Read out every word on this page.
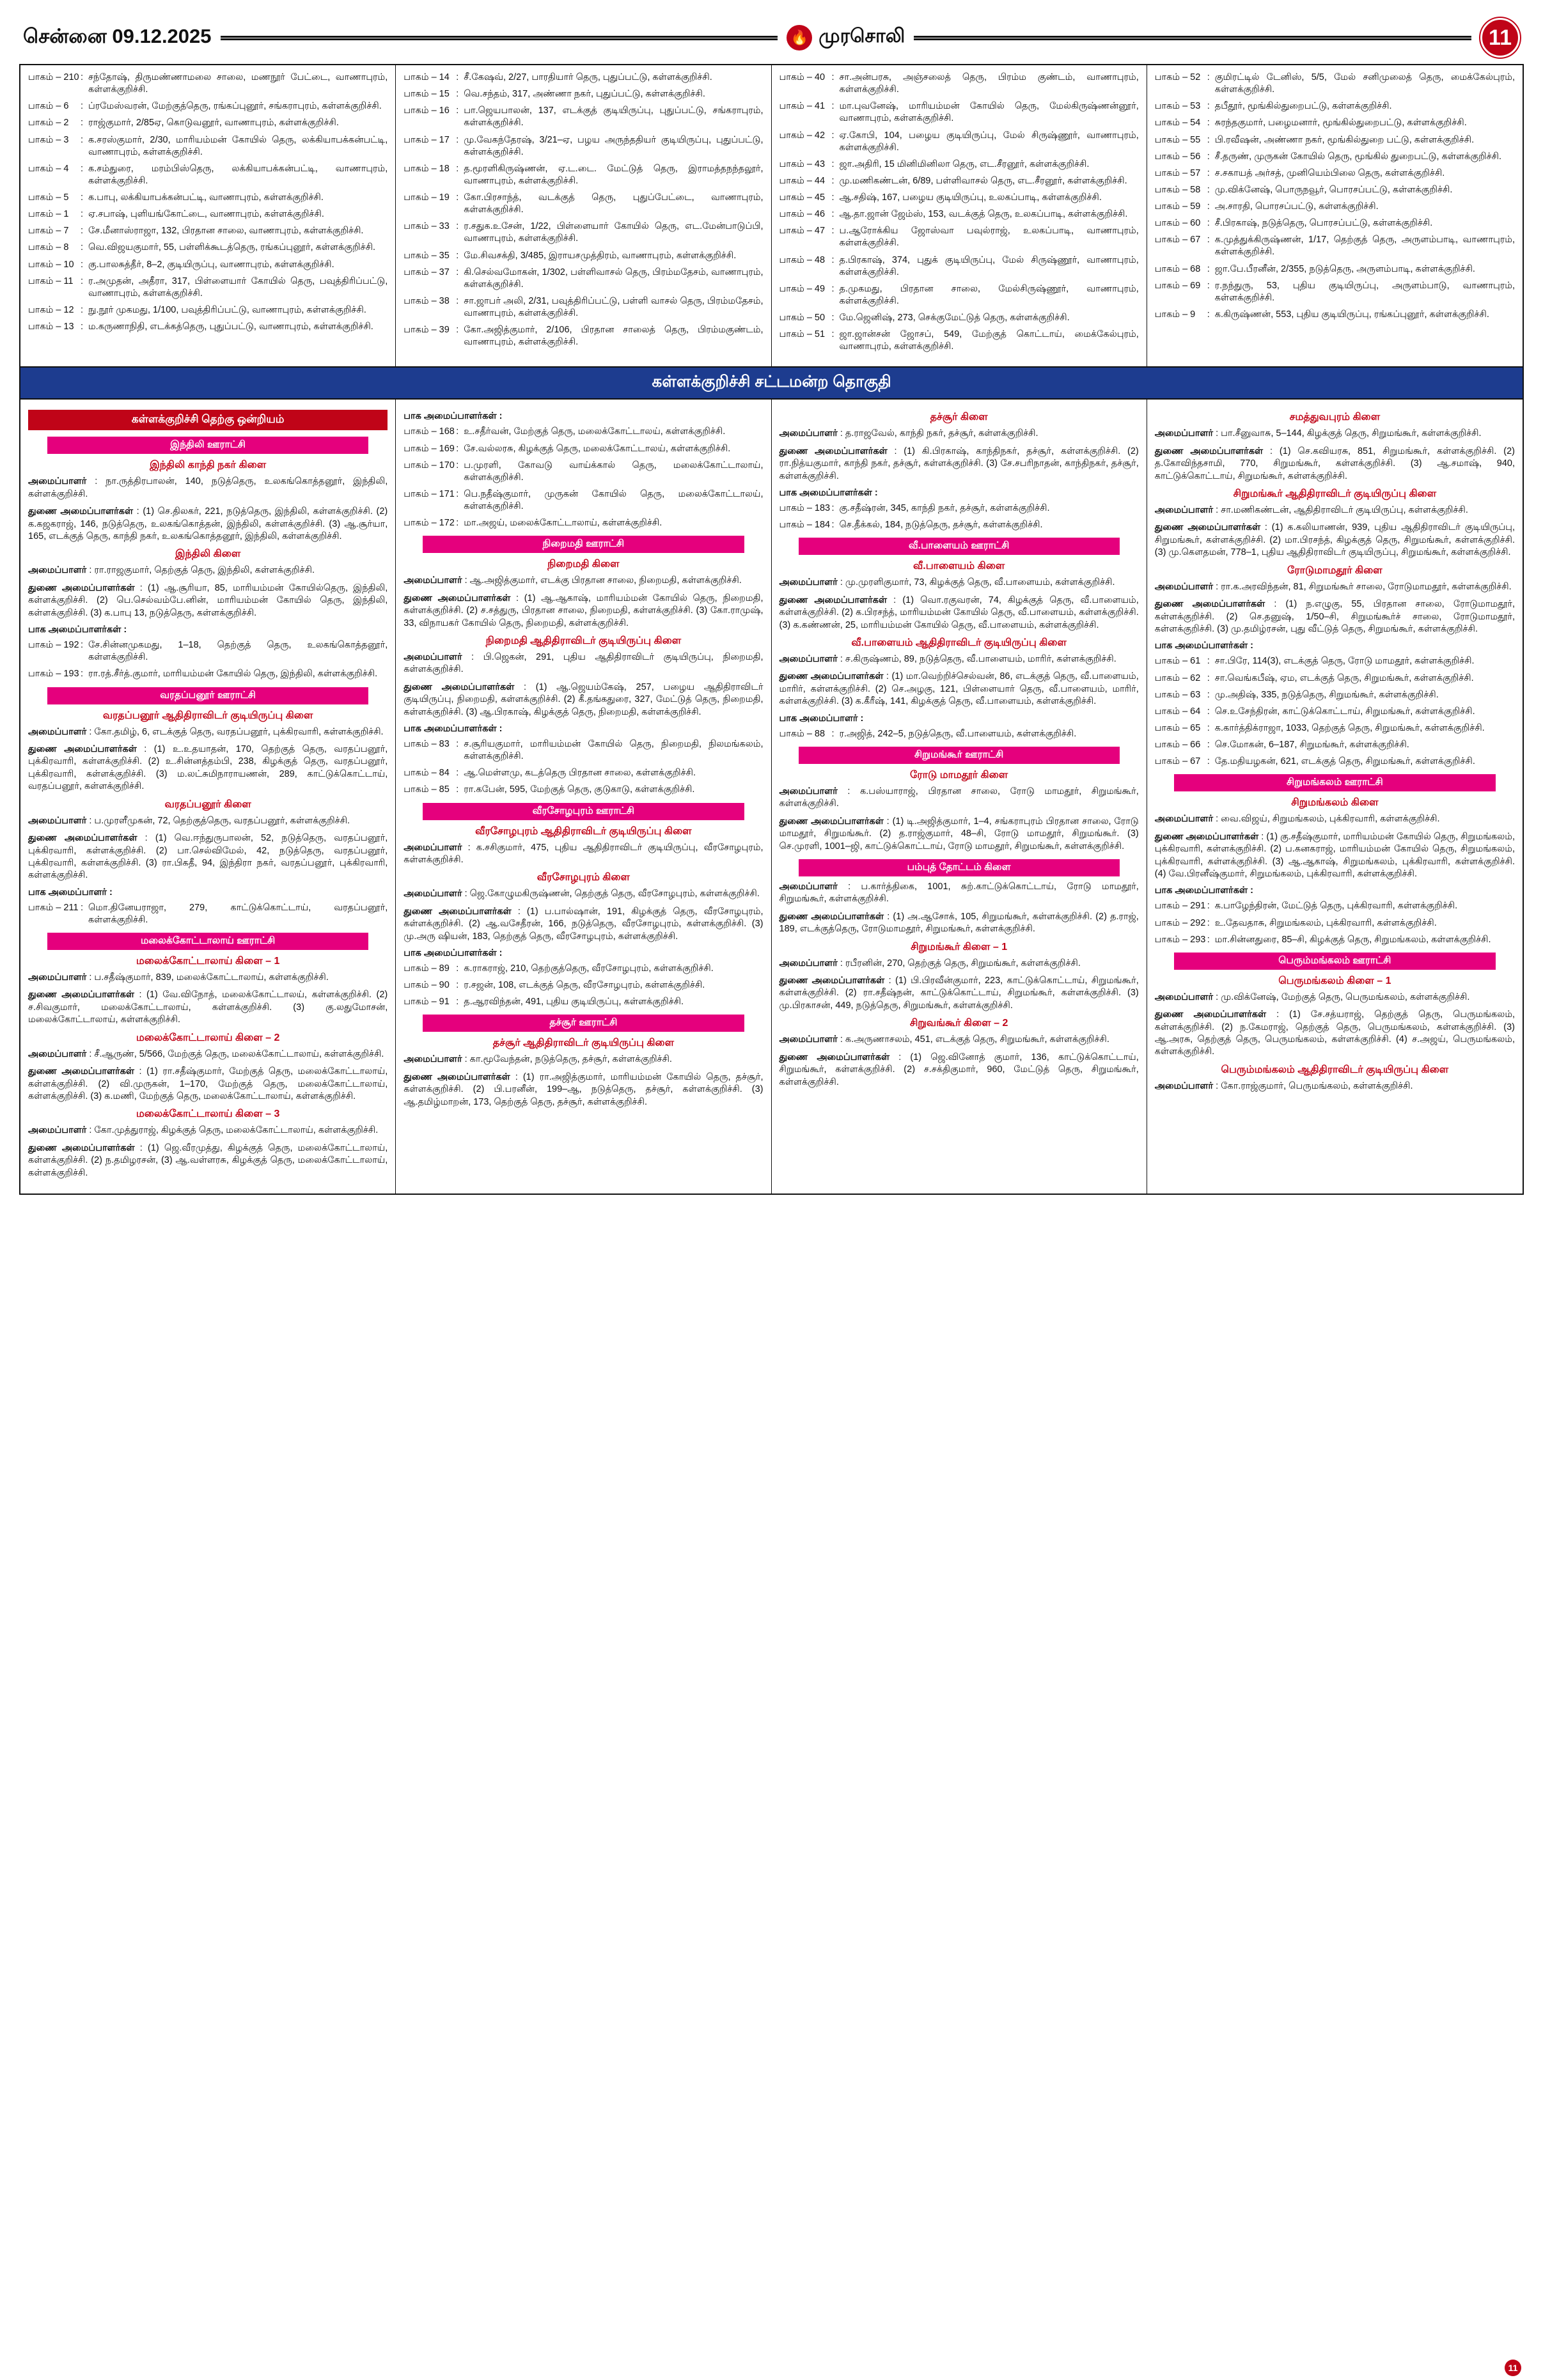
சென்னை 09.12.2025	🔥 முரசொலி	11
பாகம் – 210 : சந்தோஷ், திருமண்ணாமலை சாலை, மணநூர் பேட்டை, வாணாபுரம், கள்ளக்குறிச்சி.
பாகம் – 6	: ப்ரமேஸ்வரன், மேற்குத்தெரு, ரங்கப்புனூர், சங்கராபுரம், கள்ளக்குறிச்சி.
பாகம் – 2	: ராஜ்குமார், 2/85ஏ, கொடுவனூர், வாணாபுரம், கள்ளக்குறிச்சி.
பாகம் – 3	: க.சரஸ்குமார், 2/30, மாரியம்மன் கோயில் தெரு, லக்கியாபக்கன்பட்டி, வாணாபுரம், கள்ளக்குறிச்சி.
பாகம் – 4	: க.சம்துரை, மரம்பிஸ்தெரு, லக்கியாபக்கன்பட்டி, வாணாபுரம், கள்ளக்குறிச்சி.
பாகம் – 5	: க.பாபு, லக்கியாபக்கன்பட்டி, வாணாபுரம், கள்ளக்குறிச்சி.
பாகம் – 1	: ஏ.சபாஷ், புளியங்கோட்டை, வாணாபுரம், கள்ளக்குறிச்சி.
பாகம் – 7	: சே.மீனாஸ்ராஜா, 132, பிரதான சாலை, வாணாபுரம், கள்ளக்குறிச்சி.
பாகம் – 8	: வெ.விஜயகுமார், 55, பள்ளிக்கூடத்தெரு, ரங்கப்புனூர், கள்ளக்குறிச்சி.
பாகம் – 10 : கு.பாலசுத்தீர், 8–2, குடியிருப்பு, வாணாபுரம், கள்ளக்குறிச்சி.
பாகம் – 11 : ர.அமுதன், அதீரா, 317, பிள்ளையார் கோயில் தெரு, பவுத்திரிப்பட்டு, வாணாபுரம், கள்ளக்குறிச்சி.
பாகம் – 12 : நு.நூர் முகமது, 1/100, பவுத்திரிப்பட்டு, வாணாபுரம், கள்ளக்குறிச்சி.
பாகம் – 13 : ம.கருணாநிதி, எடக்கத்தெரு, புதுப்பட்டு, வாணாபுரம், கள்ளக்குறிச்சி.
பாகம் – 14 : சீ.கேஷவ், 2/27, பாரதியார் தெரு, புதுப்பட்டு, கள்ளக்குறிச்சி.
பாகம் – 15 : வெ.சந்தம், 317, அண்ணா நகர், புதுப்பட்டு, கள்ளக்குறிச்சி.
பாகம் – 16 : பா.ஜெயபாலன், 137, எடக்குத் குடியிருப்பு, புதுப்பட்டு, சங்கராபுரம், கள்ளக்குறிச்சி.
பாகம் – 17 : மு.வேகந்தேரஷ், 3/21–ஏ, பழய அருந்ததியர் குடியிருப்பு, புதுப்பட்டு, கள்ளக்குறிச்சி.
பாகம் – 18 : த.மூரளிகிருஷ்ணன், ஏ.ட.டை. மேட்டுத் தெரு, இராமத்தநந்தலூர், வாணாபுரம், கள்ளக்குறிச்சி.
பாகம் – 19 : கோ.பிரசாந்த், வடக்குத் தெரு, புதுப்பேட்டை, வாணாபுரம், கள்ளக்குறிச்சி.
பாகம் – 33 : ர.சதுக.உசேன், 1/22, பிள்ளையார் கோயில் தெரு, எட.மேன்பாடுப்பி, வாணாபுரம், கள்ளக்குறிச்சி.
பாகம் – 35 : மே.சிவசக்தி, 3/485, இராயசமுத்திரம், வாணாபுரம், கள்ளக்குறிச்சி.
பாகம் – 37 : கி.செல்வமோகன், 1/302, பள்ளிவாசல் தெரு, பிரம்மதேசம், வாணாபுரம், கள்ளக்குறிச்சி.
பாகம் – 38 : சா.ஜாபர் அலி, 2/31, பவுத்திரிப்பட்டு, பள்ளி வாசல் தெரு, பிரம்மதேசம், வாணாபுரம், கள்ளக்குறிச்சி.
பாகம் – 39 : கோ.அஜித்குமார், 2/106, பிரதான சாலைத் தெரு, பிரம்மகுண்டம், வாணாபுரம், கள்ளக்குறிச்சி.
பாகம் – 40 : சா.அன்பரசு, அஞ்சலைத் தெரு, பிரம்ம குண்டம், வாணாபுரம், கள்ளக்குறிச்சி.
பாகம் – 41 : மா.புவனேஷ், மாரியம்மன் கோயில் தெரு, மேல்கிருஷ்ணன்னூர், வாணாபுரம், கள்ளக்குறிச்சி.
பாகம் – 42 : ஏ.கோபி, 104, பழைய குடியிருப்பு, மேல் சிருஷ்ணூர், வாணாபுரம், கள்ளக்குறிச்சி.
பாகம் – 43 : ஜா.அதிரி, 15 மினிமினிலா தெரு, எட.சீரனூர், கள்ளக்குறிச்சி.
பாகம் – 44 : மு.மணிகண்டன், 6/89, பள்ளிவாசல் தெரு, எட.சீரனூர், கள்ளக்குறிச்சி.
பாகம் – 45 : ஆ.சதிஷ், 167, பழைய குடியிருப்பு, உலகப்பாடி, கள்ளக்குறிச்சி.
பாகம் – 46 : ஆ.தா.ஜான் ஜேம்ஸ், 153, வடக்குத் தெரு, உலகப்பாடி, கள்ளக்குறிச்சி.
பாகம் – 47 : ப.ஆரோக்கிய ஜோஸ்வா பவுல்ராஜ், உலகப்பாடி, வாணாபுரம், கள்ளக்குறிச்சி.
பாகம் – 48 : த.பிரகாஷ், 374, புதுக் குடியிருப்பு, மேல் சிருஷ்ணூர், வாணாபுரம், கள்ளக்குறிச்சி.
பாகம் – 49 : த.முகமது, பிரதான சாலை, மேல்சிருஷ்ணூர், வாணாபுரம், கள்ளக்குறிச்சி.
பாகம் – 50 : மே.ஜெனிஷ், 273, செக்குமேட்டுத் தெரு, கள்ளக்குறிச்சி.
பாகம் – 51 : ஜா.ஜான்சன் ஜோசப், 549, மேற்குத் கொட்டாய், மைக்கேல்புரம், வாணாபுரம், கள்ளக்குறிச்சி.
பாகம் – 52 : குமிரட்டில் டேனிஸ், 5/5, மேல் சனிமுலைத் தெரு, மைக்கேல்புரம், கள்ளக்குறிச்சி.
பாகம் – 53 : தபீதூர், மூங்கில்துறைபட்டு, கள்ளக்குறிச்சி.
பாகம் – 54 : சுரந்தகுமார், பழைமனார், மூங்கில்துறைபட்டு, கள்ளக்குறிச்சி.
பாகம் – 55 : பி.ரவீஷன், அண்ணா நகர், மூங்கில்துறை பட்டு, கள்ளக்குறிச்சி.
பாகம் – 56 : சீ.தருண், முருகன் கோயில் தெரு, மூங்கில் துறைபட்டு, கள்ளக்குறிச்சி.
பாகம் – 57 : ச.சகாயத் அர்சத், முனியெம்பிலை தெரு, கள்ளக்குறிச்சி.
பாகம் – 58 : மு.விக்னேஷ், பொருநவூர், பொரசப்பட்டு, கள்ளக்குறிச்சி.
பாகம் – 59 : அ.சாரதி, பொரசப்பட்டு, கள்ளக்குறிச்சி.
பாகம் – 60 : சீ.பிரகாஷ், நடுத்தெரு, பொரசப்பட்டு, கள்ளக்குறிச்சி.
பாகம் – 67 : க.முத்துக்கிருஷ்ணன், 1/17, தெற்குத் தெரு, அருளம்பாடி, வாணாபுரம், கள்ளக்குறிச்சி.
பாகம் – 68 : ஜா.பே.பீரனீன், 2/355, நடுத்தெரு, அருளம்பாடி, கள்ளக்குறிச்சி.
பாகம் – 69 : ர.நந்துரு, 53, புதிய குடியிருப்பு, அருளம்பாடு, வாணாபுரம், கள்ளக்குறிச்சி.
பாகம் – 9	: க.கிருஷ்ணன், 553, புதிய குடியிருப்பு, ரங்கப்புனூர், கள்ளக்குறிச்சி.
கள்ளக்குறிச்சி சட்டமன்ற தொகுதி
கள்ளக்குறிச்சி தெற்கு ஒன்றியம்
இந்திலி ஊராட்சி
இந்திலி காந்தி நகர் கிளை
அமைப்பாளர் : நா.ருத்திரபாலன், 140, நடுத்தெரு, உலகங்கொத்தனூர், இந்திலி, கள்ளக்குறிச்சி.
துணை அமைப்பாளர்கள் : (1) செ.திலகர், 221, நடுத்தெரு, இந்திலி, கள்ளக்குறிச்சி. (2) க.கஜகராஜ், 146, நடுத்தெரு, உலகங்கொத்தன், இந்திலி, கள்ளக்குறிச்சி. (3) ஆ.சூர்யா, 165, எடக்குத் தெரு, காந்தி நகர், உலகங்கொத்தனூர், இந்திலி, கள்ளக்குறிச்சி.
இந்திலி கிளை
அமைப்பாளர் : ரா.ராஜகுமார், தெற்குத் தெரு, இந்திலி, கள்ளக்குறிச்சி.
துணை அமைப்பாளர்கள் : (1) ஆ.சூரியா, 85, மாரியம்மன் கோயில்தெரு, இந்திலி, கள்ளக்குறிச்சி. (2) பெ.செல்வம்பே.னின், மாரியம்மன் கோயில் தெரு, இந்திலி, கள்ளக்குறிச்சி. (3) க.பாபு 13, நடுத்தெரு, கள்ளக்குறிச்சி.
பாக அமைப்பாளர்கள் :
பாகம் – 192 : சே.சின்னமுகமது, 1–18, தெற்குத் தெரு, உலகங்கொத்தனூர், கள்ளக்குறிச்சி.
பாகம் – 193 : ரா.ரத்.சீர்த்.குமார், மாரியம்மன் கோயில் தெரு, இந்திலி, கள்ளக்குறிச்சி.
வரதப்பனூர் ஊராட்சி
வரதப்பனூர் ஆதிதிராவிடர் குடியிருப்பு கிளை
அமைப்பாளர் : கோ.தமிழ், 6, எடக்குத் தெரு, வரதப்பனூர், புக்கிரவாரி, கள்ளக்குறிச்சி.
துணை அமைப்பாளர்கள் : (1) உ.உதயாதன், 170, தெற்குத் தெரு, வரதப்பனூர், புக்கிரவாரி, கள்ளக்குறிச்சி. (2) உ.சின்னத்தம்பி, 238, கிழக்குத் தெரு, வரதப்பனூர், புக்கிரவாரி, கள்ளக்குறிச்சி. (3) ம.லட்சுமிநாராயணன், 289, காட்டுக்கொட்டாய், வரதப்பனூர், கள்ளக்குறிச்சி.
வரதப்பனூர் கிளை
அமைப்பாளர் : ப.முரளீமுகன், 72, தெற்குத்தெரு, வரதப்பனூர், கள்ளக்குறிச்சி.
துணை அமைப்பாளர்கள் : (1) வெ.ஈந்துருபாலன், 52, நடுத்தெரு, வரதப்பனூர், புக்கிரவாரி, கள்ளக்குறிச்சி. (2) பா.செல்விமேல், 42, நடுத்தெரு, வரதப்பனூர், புக்கிரவாரி, கள்ளக்குறிச்சி. (3) ரா.பிகதீ, 94, இந்திரா நகர், வரதப்பனூர், புக்கிரவாரி, கள்ளக்குறிச்சி.
பாக அமைப்பாளர் :
பாகம் – 211 : மொ.தினேயராஜா, 279, காட்டுக்கொட்டாய், வரதப்பனூர், கள்ளக்குறிச்சி.
மலைக்கோட்டாலாய் ஊராட்சி
மலைக்கோட்டாலாய் கிளை – 1
அமைப்பாளர் : ப.சதீஷ்குமார், 839, மலைக்கோட்டாலாய், கள்ளக்குறிச்சி.
துணை அமைப்பாளர்கள் : (1) வே.விநோத், மலைக்கோட்டாலய், கள்ளக்குறிச்சி. (2) ச.சிவகுமார், மலைக்கோட்டாலாய், கள்ளக்குறிச்சி. (3) கு.லதுமோசன், மலைக்கோட்டாலாய், கள்ளக்குறிச்சி.
மலைக்கோட்டாலாய் கிளை – 2
அமைப்பாளர் : சீ.ஆருண், 5/566, மேற்குத் தெரு, மலைக்கோட்டாலாய், கள்ளக்குறிச்சி.
துணை அமைப்பாளர்கள் : (1) ரா.சதீஷ்குமார், மேற்குத் தெரு, மலைக்கோட்டாலாய், கள்ளக்குறிச்சி. (2) வி.முருகன், 1–170, மேற்குத் தெரு, மலைக்கோட்டாலாய், கள்ளக்குறிச்சி. (3) க.மணி, மேற்குத் தெரு, மலைக்கோட்டாலாய், கள்ளக்குறிச்சி.
மலைக்கோட்டாலாய் கிளை – 3
அமைப்பாளர் : கோ.முத்துராஜ், கிழக்குத் தெரு, மலைக்கோட்டாலாய், கள்ளக்குறிச்சி.
துணை அமைப்பாளர்கள் : (1) ஜெ.வீரமுத்து, கிழக்குத் தெரு, மலைக்கோட்டாலாய், கள்ளக்குறிச்சி. (2) ந.தமிழரசன், (3) ஆ.வள்ளரசு, கிழக்குத் தெரு, மலைக்கோட்டாலாய், கள்ளக்குறிச்சி.
பாக அமைப்பாளர்கள் :
பாகம் – 168 : உ.சதீர்வன், மேற்குத் தெரு, மலைக்கோட்டாலய், கள்ளக்குறிச்சி.
பாகம் – 169 : சே.வல்லரசு, கிழக்குத் தெரு, மலைக்கோட்டாலய், கள்ளக்குறிச்சி.
பாகம் – 170 : ப.முரளி, கோவடு வாய்க்கால் தெரு, மலைக்கோட்டாலாய், கள்ளக்குறிச்சி.
பாகம் – 171 : பெ.நதீஷ்குமார், முருகன் கோயில் தெரு, மலைக்கோட்டாலய், கள்ளக்குறிச்சி.
பாகம் – 172 : மா.அஜய், மலைக்கோட்டாலாய், கள்ளக்குறிச்சி.
நிறைமதி ஊராட்சி
நிறைமதி கிளை
அமைப்பாளர் : ஆ.அஜித்குமார், எடக்கு பிரதான சாலை, நிறைமதி, கள்ளக்குறிச்சி.
துணை அமைப்பாளர்கள் : (1) ஆ.ஆகாஷ், மாரியம்மன் கோயில் தெரு, நிறைமதி, கள்ளக்குறிச்சி. (2) ச.சத்துரு, பிரதான சாலை, நிறைமதி, கள்ளக்குறிச்சி. (3) கோ.ராமுஷ், 33, விநாயகர் கோயில் தெரு, நிறைமதி, கள்ளக்குறிச்சி.
நிறைமதி ஆதிதிராவிடர் குடியிருப்பு கிளை
அமைப்பாளர் : பி.ஜெகன், 291, புதிய ஆதிதிராவிடர் குடியிருப்பு, நிறைமதி, கள்ளக்குறிச்சி.
துணை அமைப்பாளர்கள் : (1) ஆ.ஜெயம்கேஷ், 257, பழைய ஆதிதிராவிடர் குடியிருப்பு, நிறைமதி, கள்ளக்குறிச்சி. (2) கீ.தங்கதுரை, 327, மேட்டுத் தெரு, நிறைமதி, கள்ளக்குறிச்சி. (3) ஆ.பிரகாஷ், கிழக்குத் தெரு, நிறைமதி, கள்ளக்குறிச்சி.
பாக அமைப்பாளர்கள் :
பாகம் – 83 : ச.சூரியகுமார், மாரியம்மன் கோயில் தெரு, நிறைமதி, நிலமங்கலம், கள்ளக்குறிச்சி.
பாகம் – 84 : ஆ.மெள்ளமு, கடத்தெரு பிரதான சாலை, கள்ளக்குறிச்சி.
பாகம் – 85 : ரா.கபேன், 595, மேற்குத் தெரு, குடுகாடு, கள்ளக்குறிச்சி.
வீரசோழபுரம் ஊராட்சி
வீரசோழபுரம் ஆதிதிராவிடர் குடியிருப்பு கிளை
அமைப்பாளர் : க.சசிகுமார், 475, புதிய ஆதிதிராவிடர் குடியிருப்பு, வீரசோழபுரம், கள்ளக்குறிச்சி.
வீரசோழபுரம் கிளை
அமைப்பாளர் : ஜெ.கோழுமகிருஷ்ணன், தெற்குத் தெரு, வீரசோழபுரம், கள்ளக்குறிச்சி.
துணை அமைப்பாளர்கள் : (1) ப.பால்ஷான், 191, கிழக்குத் தெரு, வீரசோழபுரம், கள்ளக்குறிச்சி. (2) ஆ.வசேதீரன், 166, நடுத்தெரு, வீரசோழபுரம், கள்ளக்குறிச்சி. (3) மு.அரு ஷியன், 183, தெற்குத் தெரு, வீரசோழபுரம், கள்ளக்குறிச்சி.
பாக அமைப்பாளர்கள் :
பாகம் – 89 : க.ராகராஜ், 210, தெற்குத்தெரு, வீரசோழபுரம், கள்ளக்குறிச்சி.
பாகம் – 90 : ர.சஜன், 108, எடக்குத் தெரு, வீரசோழபுரம், கள்ளக்குறிச்சி.
பாகம் – 91 : த.ஆரவிந்தன், 491, புதிய குடியிருப்பு, கள்ளக்குறிச்சி.
தச்சூர் ஊராட்சி
தச்சூர் ஆதிதிராவிடர் குடியிருப்பு கிளை
அமைப்பாளர் : கா.மூவேந்தன், நடுத்தெரு, தச்சூர், கள்ளக்குறிச்சி.
துணை அமைப்பாளர்கள் : (1) ரா.அஜித்குமார், மாரியம்மன் கோயில் தெரு, தச்சூர், கள்ளக்குறிச்சி. (2) பி.பரனீன், 199–ஆ, நடுத்தெரு, தச்சூர், கள்ளக்குறிச்சி. (3) ஆ.தமிழ்மாறன், 173, தெற்குத் தெரு, தச்சூர், கள்ளக்குறிச்சி.
தச்சூர் கிளை
அமைப்பாளர் : த.ராஜவேல், காந்தி நகர், தச்சூர், கள்ளக்குறிச்சி.
துணை அமைப்பாளர்கள் : (1) கி.பிரகாஷ், காந்திநகர், தச்சூர், கள்ளக்குறிச்சி. (2) ரா.நித்யகுமார், காந்தி நகர், தச்சூர், கள்ளக்குறிச்சி. (3) சே.சபரிநாதன், காந்திநகர், தச்சூர், கள்ளக்குறிச்சி.
பாக அமைப்பாளர்கள் :
பாகம் – 183 : கு.சதீஷ்ரன், 345, காந்தி நகர், தச்சூர், கள்ளக்குறிச்சி.
பாகம் – 184 : செ.தீக்கல், 184, நடுத்தெரு, தச்சூர், கள்ளக்குறிச்சி.
வீ.பாளையம் ஊராட்சி
வீ.பாளையம் கிளை
அமைப்பாளர் : மு.முரளிகுமார், 73, கிழக்குத் தெரு, வீ.பாளையம், கள்ளக்குறிச்சி.
துணை அமைப்பாளர்கள் : (1) வொ.ரகுவரன், 74, கிழக்குத் தெரு, வீ.பாளையம், கள்ளக்குறிச்சி. (2) க.பிரசந்த், மாரியம்மன் கோயில் தெரு, வீ.பாளையம், கள்ளக்குறிச்சி. (3) க.கண்ணன், 25, மாரியம்மன் கோயில் தெரு, வீ.பாளையம், கள்ளக்குறிச்சி.
வீ.பாளையம் ஆதிதிராவிடர் குடியிருப்பு கிளை
அமைப்பாளர் : ச.கிருஷ்ணம், 89, நடுத்தெரு, வீ.பாளையம், மாரிர், கள்ளக்குறிச்சி.
துணை அமைப்பாளர்கள் : (1) மா.வெற்றிச்செல்வன், 86, எடக்குத் தெரு, வீ.பாளையம், மாரிர், கள்ளக்குறிச்சி. (2) செ.அழகு, 121, பிள்ளையார் தெரு, வீ.பாளையம், மாரிர், கள்ளக்குறிச்சி. (3) க.கீரீஷ், 141, கிழக்குத் தெரு, வீ.பாளையம், கள்ளக்குறிச்சி.
பாக அமைப்பாளர் :
பாகம் – 88 : ர.அஜித், 242–5, நடுத்தெரு, வீ.பாளையம், கள்ளக்குறிச்சி.
சிறுமங்கூர் ஊராட்சி
ரோடு மாமதூர் கிளை
அமைப்பாளர் : க.பஸ்யாராஜ், பிரதான சாலை, ரோடு மாமதூர், சிறுமங்கூர், கள்ளக்குறிச்சி.
துணை அமைப்பாளர்கள் : (1) டி.அஜித்குமார், 1–4, சங்கராபுரம் பிரதான சாலை, ரோடு மாமதூர், சிறுமங்கூர். (2) த.ராஜ்குமார், 48–சி, ரோடு மாமதூர், சிறுமங்கூர். (3) செ.முரளி, 1001–ஜி, காட்டுக்கொட்டாய், ரோடு மாமதூர், சிறுமங்கூர், கள்ளக்குறிச்சி.
பம்புத் தோட்டம் கிளை
அமைப்பாளர் : ப.கார்த்திகை, 1001, சுற்.காட்டுக்கொட்டாய், ரோடு மாமதூர், சிறுமங்கூர், கள்ளக்குறிச்சி.
துணை அமைப்பாளர்கள் : (1) அ.ஆசோக், 105, சிறுமங்கூர், கள்ளக்குறிச்சி. (2) த.ராஜ், 189, எடக்குத்தெரு, ரோடுமாமதூர், சிறுமங்கூர், கள்ளக்குறிச்சி.
சிறுமங்கூர் கிளை – 1
அமைப்பாளர் : ரபீரனின், 270, தெற்குத் தெரு, சிறுமங்கூர், கள்ளக்குறிச்சி.
துணை அமைப்பாளர்கள் : (1) பி.பிரவீன்குமார், 223, காட்டுக்கொட்டாய், சிறுமங்கூர், கள்ளக்குறிச்சி. (2) ரா.சதீஷ்நன், காட்டுக்கொட்டாய், சிறுமங்கூர், கள்ளக்குறிச்சி. (3) மு.பிரகாசன், 449, நடுத்தெரு, சிறுமங்கூர், கள்ளக்குறிச்சி.
சிறுவங்கூர் கிளை – 2
அமைப்பாளர் : க.அருணாசலம், 451, எடக்குத் தெரு, சிறுமங்கூர், கள்ளக்குறிச்சி.
துணை அமைப்பாளர்கள் : (1) ஜெ.வினோத் குமார், 136, காட்டுக்கொட்டாய், சிறுமங்கூர், கள்ளக்குறிச்சி. (2) ச.சக்திகுமார், 960, மேட்டுத் தெரு, சிறுமங்கூர், கள்ளக்குறிச்சி.
சமத்துவபுரம் கிளை
அமைப்பாளர் : பா.சீனுவாசு, 5–144, கிழக்குத் தெரு, சிறுமங்கூர், கள்ளக்குறிச்சி.
துணை அமைப்பாளர்கள் : (1) செ.கவியரசு, 851, சிறுமங்கூர், கள்ளக்குறிச்சி. (2) த.கோவிந்தசாமி, 770, சிறுமங்கூர், கள்ளக்குறிச்சி. (3) ஆ.சமாஷ், 940, காட்டுக்கொட்டாய், சிறுமங்கூர், கள்ளக்குறிச்சி.
சிறுமங்கூர் ஆதிதிராவிடர் குடியிருப்பு கிளை
அமைப்பாளர் : சா.மணிகண்டன், ஆதிதிராவிடர் குடியிருப்பு, கள்ளக்குறிச்சி.
துணை அமைப்பாளர்கள் : (1) க.கலியாணன், 939, புதிய ஆதிதிராவிடர் குடியிருப்பு, சிறுமங்கூர், கள்ளக்குறிச்சி. (2) மா.பிரசந்த், கிழக்குத் தெரு, சிறுமங்கூர், கள்ளக்குறிச்சி. (3) மு.கெளதமன், 778–1, புதிய ஆதிதிராவிடர் குடியிருப்பு, சிறுமங்கூர், கள்ளக்குறிச்சி.
ரோடுமாமதூர் கிளை
அமைப்பாளர் : ரா.க.அரவிந்தன், 81, சிறுமங்கூர் சாலை, ரோடுமாமதூர், கள்ளக்குறிச்சி.
துணை அமைப்பாளர்கள் : (1) ந.எழுகு, 55, பிரதான சாலை, ரோடுமாமதூர், கள்ளக்குறிச்சி. (2) செ.தனுஷ், 1/50–சி, சிறுமங்கூர்ச் சாலை, ரோடுமாமதூர், கள்ளக்குறிச்சி. (3) மு.தமிழ்ரசன், புது வீட்டுத் தெரு, சிறுமங்கூர், கள்ளக்குறிச்சி.
பாக அமைப்பாளர்கள் :
பாகம் – 61 : சா.பிரே, 114(3), எடக்குத் தெரு, ரோடு மாமதூர், கள்ளக்குறிச்சி.
பாகம் – 62 : சா.வெங்கபீஷ், ஏம, எடக்குத் தெரு, சிறுமங்கூர், கள்ளக்குறிச்சி.
பாகம் – 63 : மு.அதிஷ், 335, நடுத்தெரு, சிறுமங்கூர், கள்ளக்குறிச்சி.
பாகம் – 64 : செ.உசேந்திரன், காட்டுக்கொட்டாய், சிறுமங்கூர், கள்ளக்குறிச்சி.
பாகம் – 65 : க.கார்த்திக்ராஜா, 1033, தெற்குத் தெரு, சிறுமங்கூர், கள்ளக்குறிச்சி.
பாகம் – 66 : செ.மோகன், 6–187, சிறுமங்கூர், கள்ளக்குறிச்சி.
பாகம் – 67 : தே.மதியழகன், 621, எடக்குத் தெரு, சிறுமங்கூர், கள்ளக்குறிச்சி.
சிறுமங்கலம் ஊராட்சி
சிறுமங்கலம் கிளை
அமைப்பாளர் : வை.விஜய், சிறுமங்கலம், புக்கிரவாரி, கள்ளக்குறிச்சி.
துணை அமைப்பாளர்கள் : (1) கு.சதீஷ்குமார், மாரியம்மன் கோயில் தெரு, சிறுமங்கலம், புக்கிரவாரி, கள்ளக்குறிச்சி. (2) ப.கனகராஜ், மாரியம்மன் கோயில் தெரு, சிறுமங்கலம், புக்கிரவாரி, கள்ளக்குறிச்சி. (3) ஆ.ஆகாஷ், சிறுமங்கலம், புக்கிரவாரி, கள்ளக்குறிச்சி. (4) வே.பிரனீஷ்குமார், சிறுமங்கலம், புக்கிரவாரி, கள்ளக்குறிச்சி.
பாக அமைப்பாளர்கள் :
பாகம் – 291 : க.பாழேந்திரன், மேட்டுத் தெரு, புக்கிரவாரி, கள்ளக்குறிச்சி.
பாகம் – 292 : உ.தேவதாசு, சிறுமங்கலம், புக்கிரவாரி, கள்ளக்குறிச்சி.
பாகம் – 293 : மா.சின்னதுரை, 85–சி, கிழக்குத் தெரு, சிறுமங்கலம், கள்ளக்குறிச்சி.
பெரும்மங்கலம் ஊராட்சி
பெருமங்கலம் கிளை – 1
அமைப்பாளர் : மு.விக்னேஷ், மேற்குத் தெரு, பெருமங்கலம், கள்ளக்குறிச்சி.
துணை அமைப்பாளர்கள் : (1) சே.சத்யராஜ், தெற்குத் தெரு, பெருமங்கலம், கள்ளக்குறிச்சி. (2) ந.கேமராஜ், தெற்குத் தெரு, பெருமங்கலம், கள்ளக்குறிச்சி. (3) ஆ.அரசு, தெற்குத் தெரு, பெருமங்கலம், கள்ளக்குறிச்சி. (4) ச.அஜய், பெருமங்கலம், கள்ளக்குறிச்சி.
பெரும்மங்கலம் ஆதிதிராவிடர் குடியிருப்பு கிளை
அமைப்பாளர் : கோ.ராஜ்குமார், பெருமங்கலம், கள்ளக்குறிச்சி.
11
